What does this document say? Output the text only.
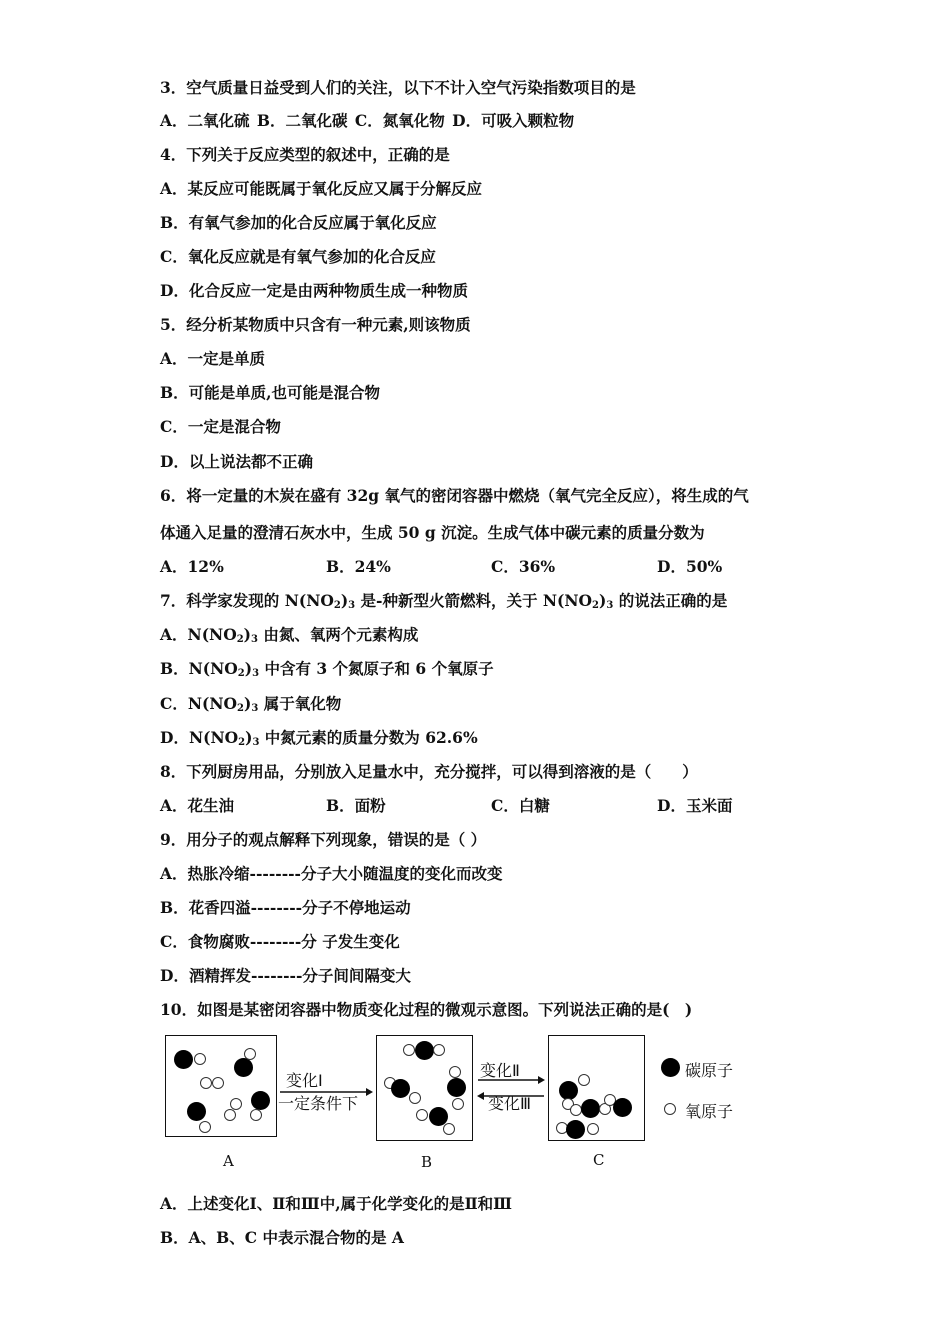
3．空气质量日益受到人们的关注，以下不计入空气污染指数项目的是
A．二氧化硫 B．二氧化碳 C．氮氧化物 D．可吸入颗粒物
4．下列关于反应类型的叙述中，正确的是
A．某反应可能既属于氧化反应又属于分解反应
B．有氧气参加的化合反应属于氧化反应
C．氧化反应就是有氧气参加的化合反应
D．化合反应一定是由两种物质生成一种物质
5．经分析某物质中只含有一种元素,则该物质
A．一定是单质
B．可能是单质,也可能是混合物
C．一定是混合物
D．以上说法都不正确
6．将一定量的木炭在盛有 32g 氧气的密闭容器中燃烧（氧气完全反应），将生成的气
体通入足量的澄清石灰水中，生成 50 g 沉淀。生成气体中碳元素的质量分数为
A．12%	B．24%	C．36%	D．50%
7．科学家发现的 $N(NO_2)_3$ 是-种新型火箭燃料，关于 $N(NO_2)_3$ 的说法正确的是
A．$N(NO_2)_3$ 由氮、氧两个元素构成
B．$N(NO_2)_3$ 中含有 3 个氮原子和 6 个氧原子
C．$N(NO_2)_3$ 属于氧化物
D．$N(NO_2)_3$ 中氮元素的质量分数为 62.6%
8．下列厨房用品，分别放入足量水中，充分搅拌，可以得到溶液的是（　　）
A．花生油	B．面粉	C．白糖	D．玉米面
9．用分子的观点解释下列现象，错误的是（ ）
A．热胀冷缩--------分子大小随温度的变化而改变
B．花香四溢--------分子不停地运动
C．食物腐败--------分 子发生变化
D．酒精挥发--------分子间间隔变大
10．如图是某密闭容器中物质变化过程的微观示意图。下列说法正确的是(　)
A
变化Ⅰ
一定条件下
B
变化Ⅱ
变化Ⅲ
C
碳原子
氧原子
A．上述变化Ⅰ、Ⅱ和Ⅲ中,属于化学变化的是Ⅱ和Ⅲ
B．A、B、C 中表示混合物的是 A
